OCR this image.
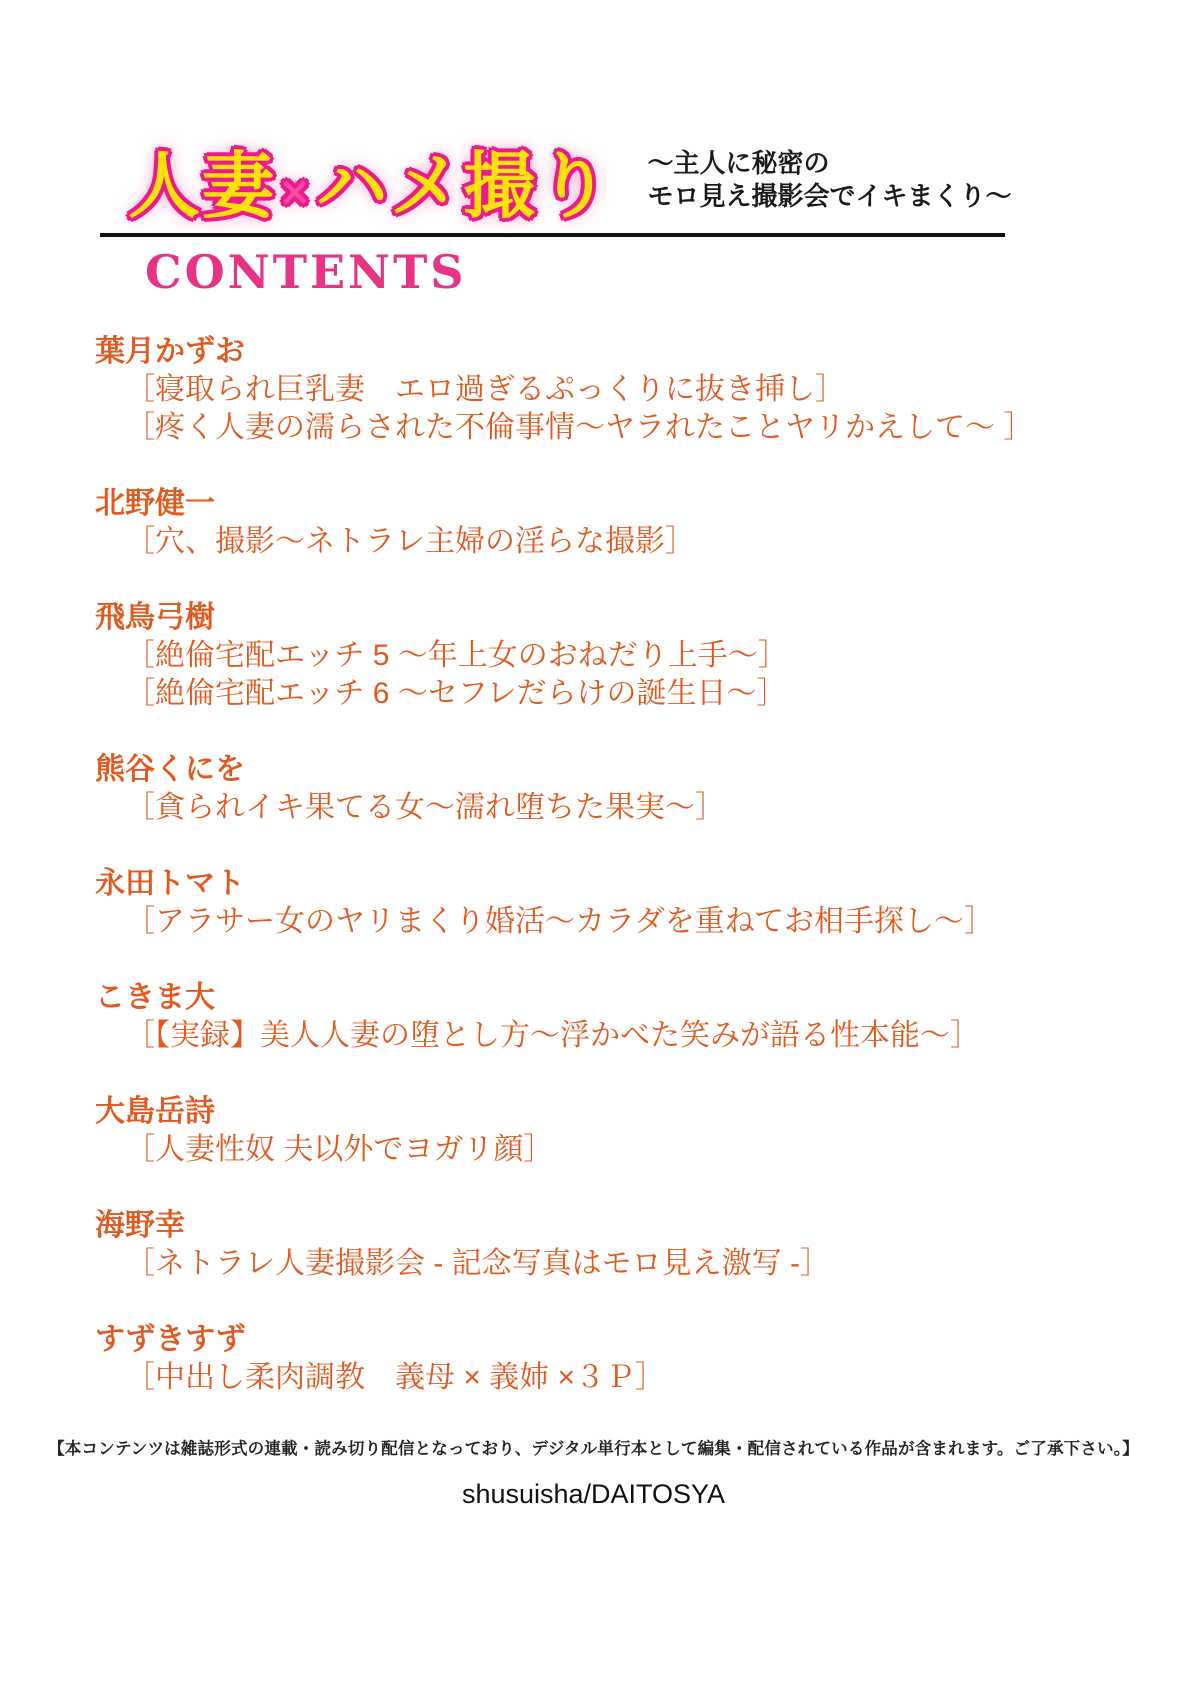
人妻×ハメ撮り 〜主人に秘密の
モロ見え撮影会でイキまくり〜
CONTENTS
葉月かずお
［寝取られ巨乳妻　エロ過ぎるぷっくりに抜き挿し］
［疼く人妻の濡らされた不倫事情〜ヤラれたことヤリかえして〜 ］
北野健一
［穴、撮影〜ネトラレ主婦の淫らな撮影］
飛鳥弓樹
［絶倫宅配エッチ 5 〜年上女のおねだり上手〜］
［絶倫宅配エッチ 6 〜セフレだらけの誕生日〜］
熊谷くにを
［貪られイキ果てる女〜濡れ堕ちた果実〜］
永田トマト
［アラサー女のヤリまくり婚活〜カラダを重ねてお相手探し〜］
こきま大
［【実録】美人人妻の堕とし方〜浮かべた笑みが語る性本能〜］
大島岳詩
［人妻性奴 夫以外でヨガリ顔］
海野幸
［ネトラレ人妻撮影会 - 記念写真はモロ見え激写 -］
すずきすず
［中出し柔肉調教　義母 × 義姉 ×３Ｐ］
【本コンテンツは雑誌形式の連載・読み切り配信となっており、デジタル単行本として編集・配信されている作品が含まれます。ご了承下さい。】
shusuisha/DAITOSYA
